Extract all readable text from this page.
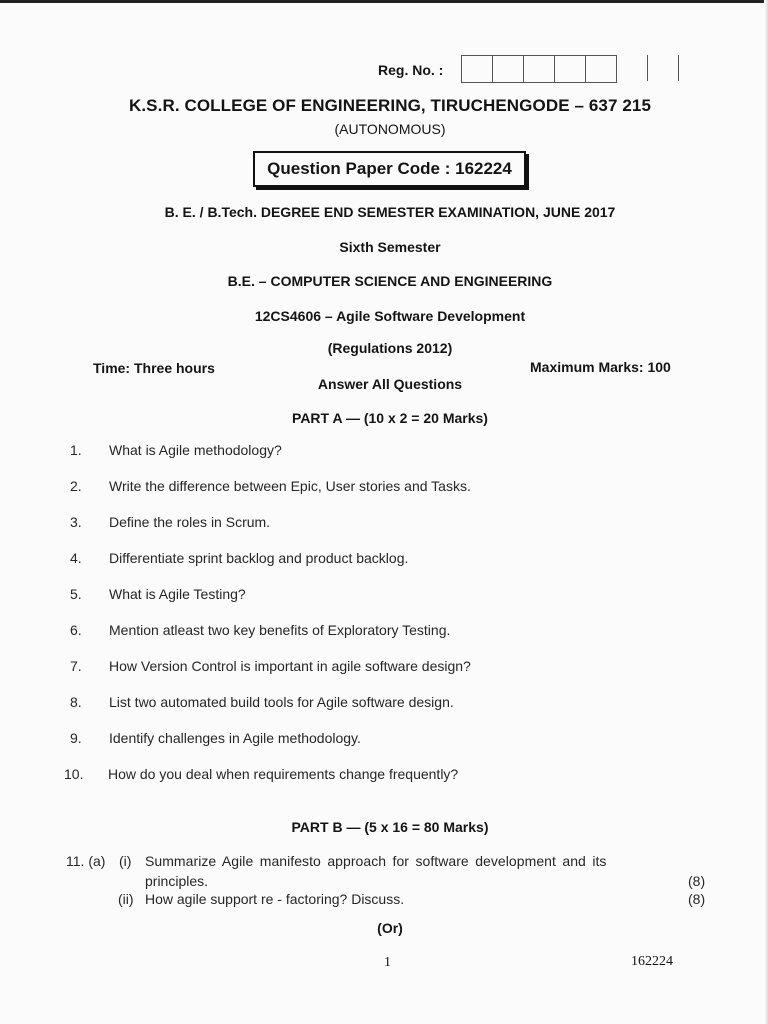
Reg. No. :
K.S.R. COLLEGE OF ENGINEERING, TIRUCHENGODE – 637 215
(AUTONOMOUS)
Question Paper Code : 162224
B. E. / B.Tech. DEGREE END SEMESTER EXAMINATION, JUNE 2017
Sixth Semester
B.E. – COMPUTER SCIENCE AND ENGINEERING
12CS4606 – Agile Software Development
(Regulations 2012)
Time: Three hours	Maximum Marks: 100
Answer All Questions
PART A — (10 x 2 = 20 Marks)
1.	What is Agile methodology?
2.	Write the difference between Epic, User stories and Tasks.
3.	Define the roles in Scrum.
4.	Differentiate sprint backlog and product backlog.
5.	What is Agile Testing?
6.	Mention atleast two key benefits of Exploratory Testing.
7.	How Version Control is important in agile software design?
8.	List two automated build tools for Agile software design.
9.	Identify challenges in Agile methodology.
10.	How do you deal when requirements change frequently?
PART B — (5 x 16 = 80 Marks)
11. (a) (i) Summarize Agile manifesto approach for software development and its
principles.	(8)
(ii) How agile support re - factoring? Discuss.	(8)
(Or)
1	162224
